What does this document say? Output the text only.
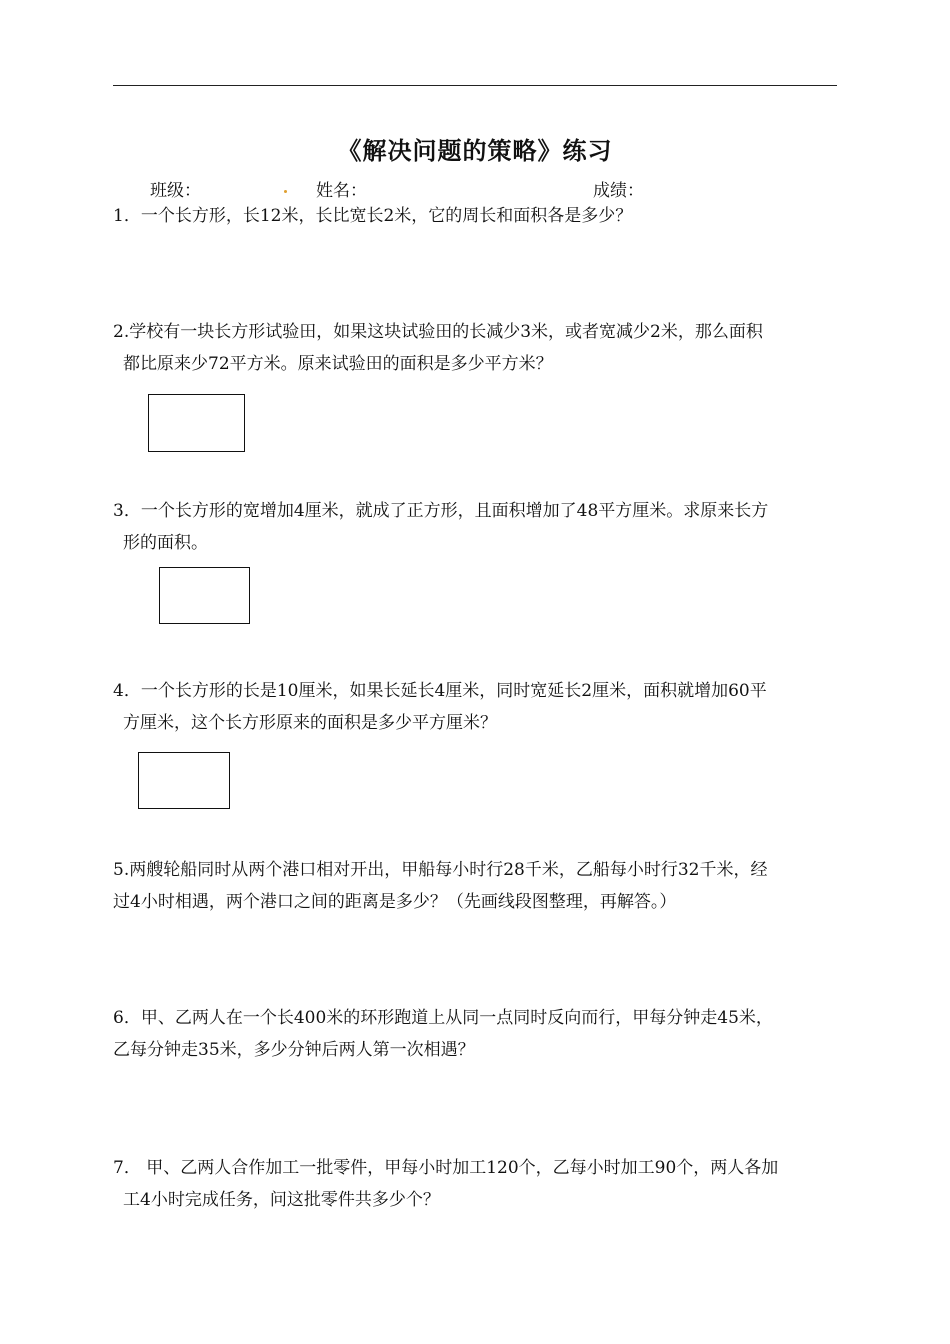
《解决问题的策略》练习
班级：	姓名：	成绩：
1．一个长方形，长12米，长比宽长2米，它的周长和面积各是多少？
2.学校有一块长方形试验田，如果这块试验田的长减少3米，或者宽减少2米，那么面积
都比原来少72平方米。原来试验田的面积是多少平方米？
3．一个长方形的宽增加4厘米，就成了正方形，且面积增加了48平方厘米。求原来长方
形的面积。
4．一个长方形的长是10厘米，如果长延长4厘米，同时宽延长2厘米，面积就增加60平
方厘米，这个长方形原来的面积是多少平方厘米？
5.两艘轮船同时从两个港口相对开出，甲船每小时行28千米，乙船每小时行32千米，经
过4小时相遇，两个港口之间的距离是多少？（先画线段图整理，再解答。）
6．甲、乙两人在一个长400米的环形跑道上从同一点同时反向而行，甲每分钟走45米，
乙每分钟走35米，多少分钟后两人第一次相遇？
7． 甲、乙两人合作加工一批零件，甲每小时加工120个，乙每小时加工90个，两人各加
工4小时完成任务，问这批零件共多少个？
